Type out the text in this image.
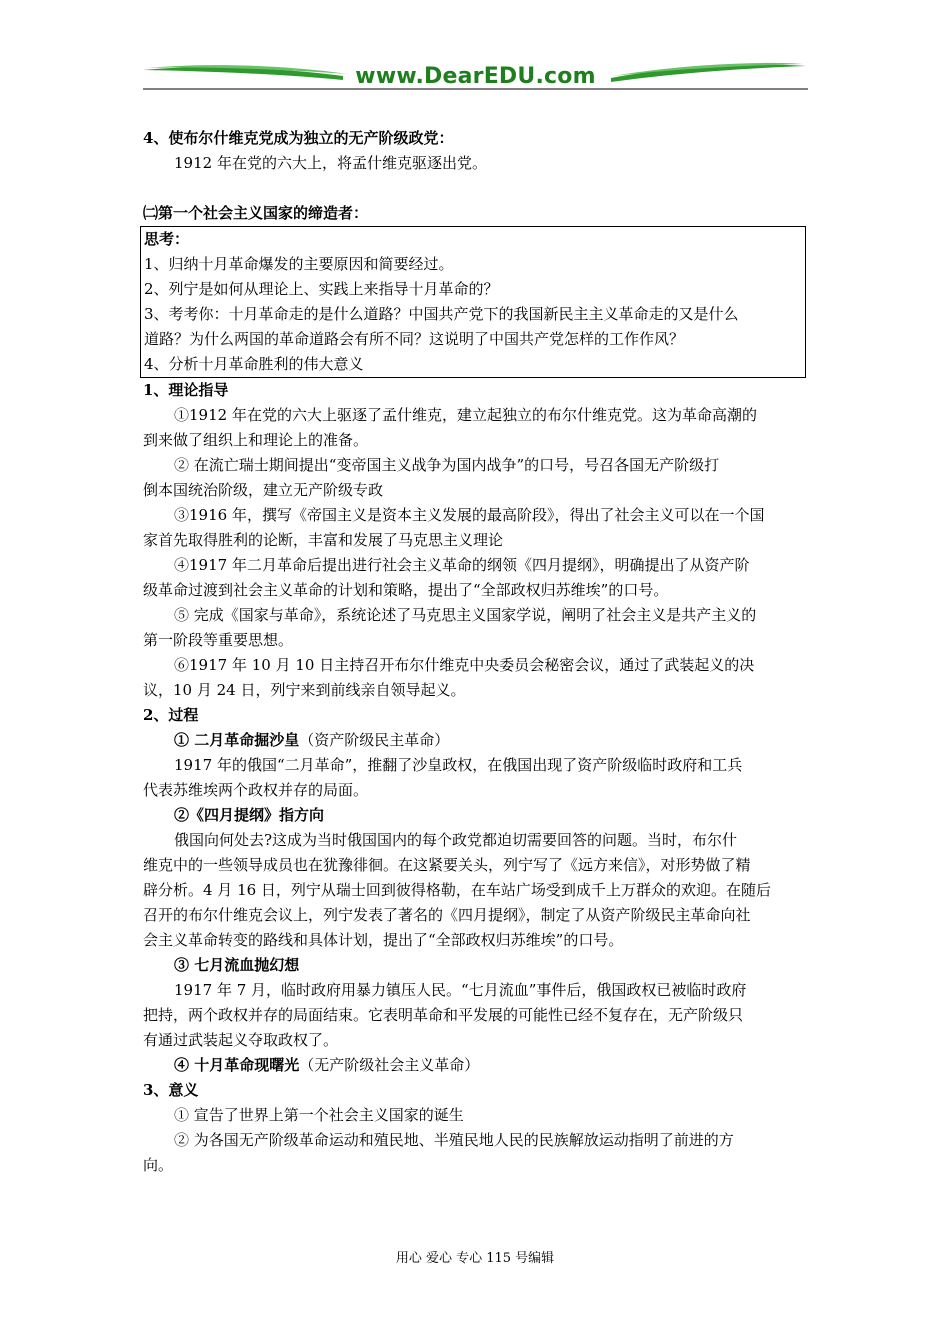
www.DearEDU.com
4、使布尔什维克党成为独立的无产阶级政党：
1912 年在党的六大上，将孟什维克驱逐出党。
㈡第一个社会主义国家的缔造者：
思考：
1、归纳十月革命爆发的主要原因和简要经过。
2、列宁是如何从理论上、实践上来指导十月革命的？
3、考考你：十月革命走的是什么道路？中国共产党下的我国新民主主义革命走的又是什么
道路？为什么两国的革命道路会有所不同？这说明了中国共产党怎样的工作作风？
4、分析十月革命胜利的伟大意义
1、理论指导
①1912 年在党的六大上驱逐了孟什维克，建立起独立的布尔什维克党。这为革命高潮的
到来做了组织上和理论上的准备。
② 在流亡瑞士期间提出“变帝国主义战争为国内战争”的口号，号召各国无产阶级打
倒本国统治阶级，建立无产阶级专政
③1916 年，撰写《帝国主义是资本主义发展的最高阶段》，得出了社会主义可以在一个国
家首先取得胜利的论断，丰富和发展了马克思主义理论
④1917 年二月革命后提出进行社会主义革命的纲领《四月提纲》，明确提出了从资产阶
级革命过渡到社会主义革命的计划和策略，提出了“全部政权归苏维埃”的口号。
⑤ 完成《国家与革命》，系统论述了马克思主义国家学说，阐明了社会主义是共产主义的
第一阶段等重要思想。
⑥1917 年 10 月 10 日主持召开布尔什维克中央委员会秘密会议，通过了武装起义的决
议，10 月 24 日，列宁来到前线亲自领导起义。
2、过程
① 二月革命掘沙皇（资产阶级民主革命）
1917 年的俄国“二月革命”，推翻了沙皇政权，在俄国出现了资产阶级临时政府和工兵
代表苏维埃两个政权并存的局面。
②《四月提纲》指方向
俄国向何处去?这成为当时俄国国内的每个政党都迫切需要回答的问题。当时，布尔什
维克中的一些领导成员也在犹豫徘徊。在这紧要关头，列宁写了《远方来信》，对形势做了精
辟分析。4 月 16 日，列宁从瑞士回到彼得格勒，在车站广场受到成千上万群众的欢迎。在随后
召开的布尔什维克会议上，列宁发表了著名的《四月提纲》，制定了从资产阶级民主革命向社
会主义革命转变的路线和具体计划，提出了“全部政权归苏维埃”的口号。
③ 七月流血抛幻想
1917 年 7 月，临时政府用暴力镇压人民。“七月流血”事件后，俄国政权已被临时政府
把持，两个政权并存的局面结束。它表明革命和平发展的可能性已经不复存在，无产阶级只
有通过武装起义夺取政权了。
④ 十月革命现曙光（无产阶级社会主义革命）
3、意义
① 宣告了世界上第一个社会主义国家的诞生
② 为各国无产阶级革命运动和殖民地、半殖民地人民的民族解放运动指明了前进的方
向。
用心 爱心 专心 115 号编辑
